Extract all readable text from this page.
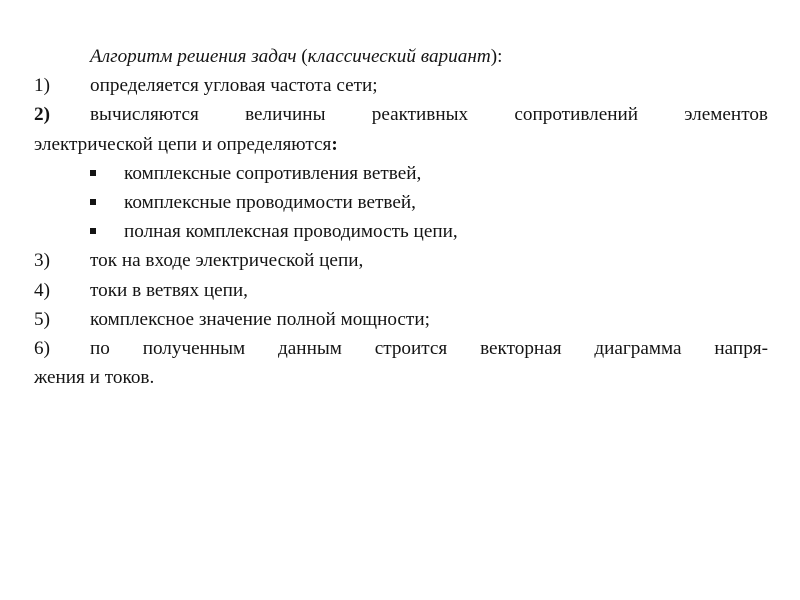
Алгоритм решения задач (классический вариант):
1) определяется угловая частота сети;
2) вычисляются величины реактивных сопротивлений элементов
электрической цепи и определяются:
комплексные сопротивления ветвей,
комплексные проводимости ветвей,
полная комплексная проводимость цепи,
3) ток на входе электрической цепи,
4) токи в ветвях цепи,
5) комплексное значение полной мощности;
6) по полученным данным строится векторная диаграмма напря-
жения и токов.
